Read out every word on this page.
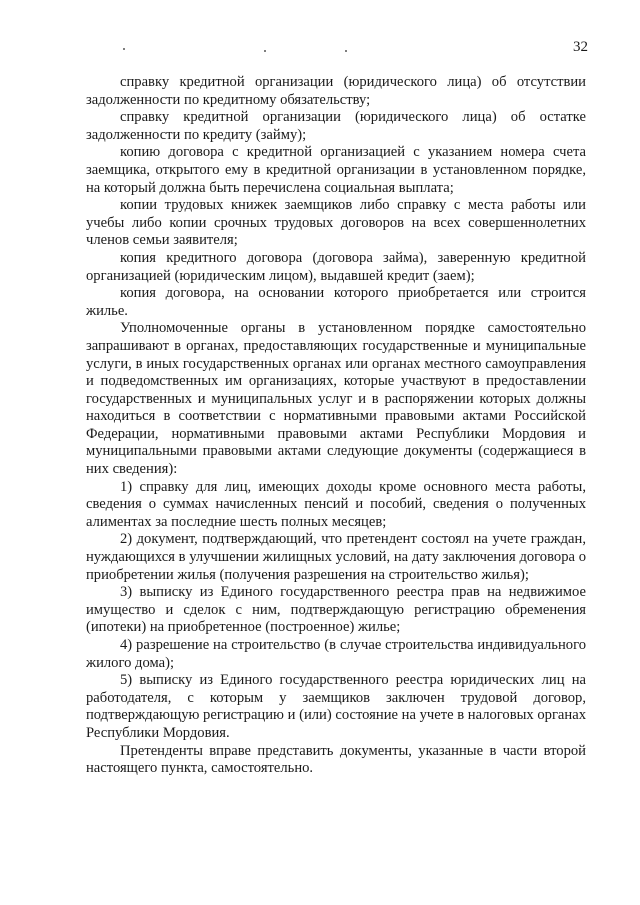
32

справку кредитной организации (юридического лица) об отсутствии задолженности по кредитному обязательству;

справку кредитной организации (юридического лица) об остатке задолженности по кредиту (займу);

копию договора с кредитной организацией с указанием номера счета заемщика, открытого ему в кредитной организации в установленном порядке, на который должна быть перечислена социальная выплата;

копии трудовых книжек заемщиков либо справку с места работы или учебы либо копии срочных трудовых договоров на всех совершеннолетних членов семьи заявителя;

копия кредитного договора (договора займа), заверенную кредитной организацией (юридическим лицом), выдавшей кредит (заем);

копия договора, на основании которого приобретается или строится жилье.

Уполномоченные органы в установленном порядке самостоятельно запрашивают в органах, предоставляющих государственные и муниципальные услуги, в иных государственных органах или органах местного самоуправления и подведомственных им организациях, которые участвуют в предоставлении государственных и муниципальных услуг и в распоряжении которых должны находиться в соответствии с нормативными правовыми актами Российской Федерации, нормативными правовыми актами Республики Мордовия и муниципальными правовыми актами следующие документы (содержащиеся в них сведения):

1) справку для лиц, имеющих доходы кроме основного места работы, сведения о суммах начисленных пенсий и пособий, сведения о полученных алиментах за последние шесть полных месяцев;

2) документ, подтверждающий, что претендент состоял на учете граждан, нуждающихся в улучшении жилищных условий, на дату заключения договора о приобретении жилья (получения разрешения на строительство жилья);

3) выписку из Единого государственного реестра прав на недвижимое имущество и сделок с ним, подтверждающую регистрацию обременения (ипотеки) на приобретенное (построенное) жилье;

4) разрешение на строительство (в случае строительства индивидуального жилого дома);

5) выписку из Единого государственного реестра юридических лиц на работодателя, с которым у заемщиков заключен трудовой договор, подтверждающую регистрацию и (или) состояние на учете в налоговых органах Республики Мордовия.

Претенденты вправе представить документы, указанные в части второй настоящего пункта, самостоятельно.
